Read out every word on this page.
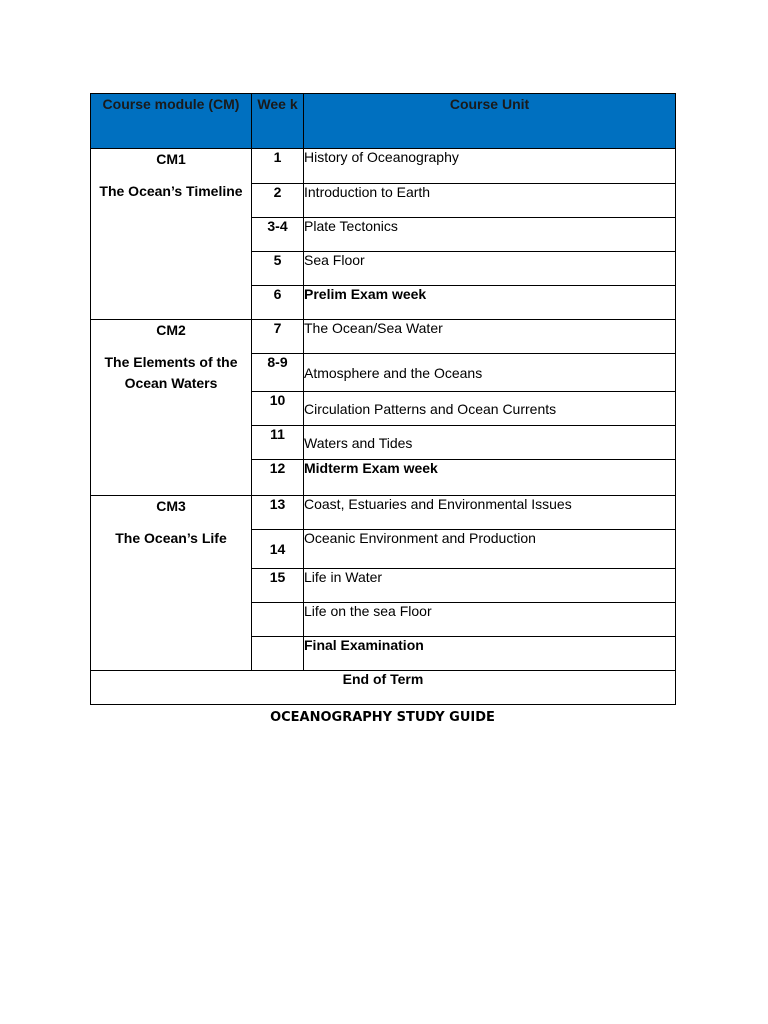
Course module (CM)	Wee k	Course Unit

CM1
The Ocean’s Timeline	1	History of Oceanography
	2	Introduction to Earth
	3-4	Plate Tectonics
	5	Sea Floor
	6	Prelim Exam week

CM2
The Elements of the Ocean Waters	7	The Ocean/Sea Water
	8-9	Atmosphere and the Oceans
	10	Circulation Patterns and Ocean Currents
	11	Waters and Tides
	12	Midterm Exam week

CM3
The Ocean’s Life	13	Coast, Estuaries and Environmental Issues
	14	Oceanic Environment and Production
	15	Life in Water
		Life on the sea Floor
		Final Examination
End of Term		
OCEANOGRAPHY STUDY GUIDE
